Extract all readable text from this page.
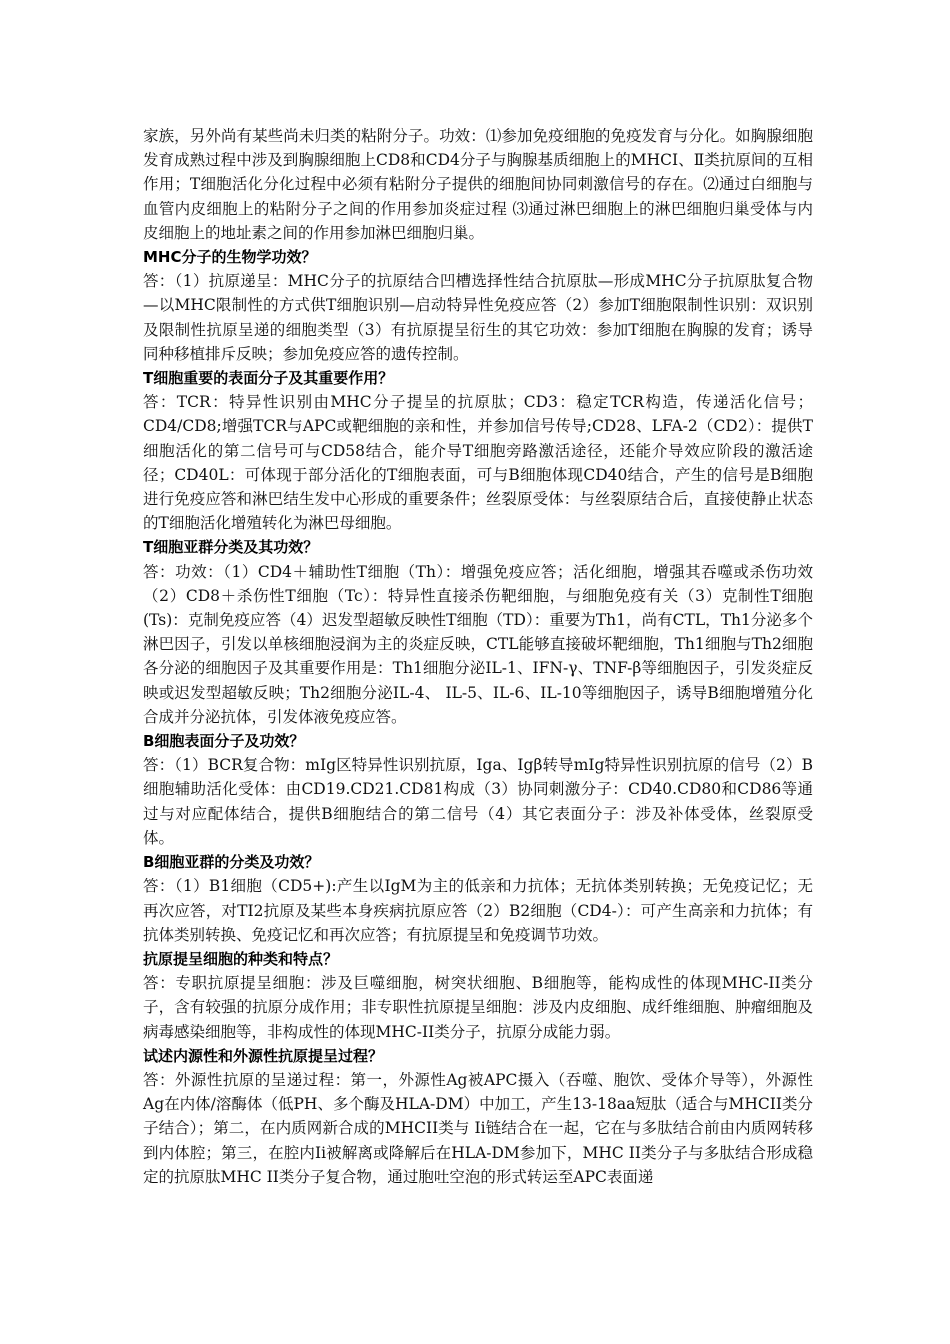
家族，另外尚有某些尚未归类的粘附分子。功效：⑴参加免疫细胞的免疫发育与分化。如胸腺细胞发育成熟过程中涉及到胸腺细胞上CD8和CD4分子与胸腺基质细胞上的MHCⅠ、Ⅱ类抗原间的互相作用；T细胞活化分化过程中必须有粘附分子提供的细胞间协同刺激信号的存在。⑵通过白细胞与血管内皮细胞上的粘附分子之间的作用参加炎症过程 ⑶通过淋巴细胞上的淋巴细胞归巢受体与内皮细胞上的地址素之间的作用参加淋巴细胞归巢。

MHC分子的生物学功效？

答：（1）抗原递呈：MHC分子的抗原结合凹槽选择性结合抗原肽—形成MHC分子抗原肽复合物—以MHC限制性的方式供T细胞识别—启动特异性免疫应答（2）参加T细胞限制性识别：双识别及限制性抗原呈递的细胞类型（3）有抗原提呈衍生的其它功效：参加T细胞在胸腺的发育；诱导同种移植排斥反映；参加免疫应答的遗传控制。

T细胞重要的表面分子及其重要作用？

答：TCR：特异性识别由MHC分子提呈的抗原肽；CD3：稳定TCR构造，传递活化信号；CD4/CD8;增强TCR与APC或靶细胞的亲和性，并参加信号传导;CD28、LFA-2（CD2）：提供T细胞活化的第二信号可与CD58结合，能介导T细胞旁路激活途径，还能介导效应阶段的激活途径；CD40L：可体现于部分活化的T细胞表面，可与B细胞体现CD40结合，产生的信号是B细胞进行免疫应答和淋巴结生发中心形成的重要条件；丝裂原受体：与丝裂原结合后，直接使静止状态的T细胞活化增殖转化为淋巴母细胞。

T细胞亚群分类及其功效？

答：功效：（1）CD4＋辅助性T细胞（Th）：增强免疫应答；活化细胞，增强其吞噬或杀伤功效（2）CD8＋杀伤性T细胞（Tc）：特异性直接杀伤靶细胞，与细胞免疫有关（3）克制性T细胞(Ts)：克制免疫应答（4）迟发型超敏反映性T细胞（TD）：重要为Th1，尚有CTL，Th1分泌多个淋巴因子，引发以单核细胞浸润为主的炎症反映，CTL能够直接破坏靶细胞，Th1细胞与Th2细胞各分泌的细胞因子及其重要作用是：Th1细胞分泌IL-1、IFN-γ、TNF-β等细胞因子，引发炎症反映或迟发型超敏反映；Th2细胞分泌IL-4、 IL-5、IL-6、IL-10等细胞因子，诱导B细胞增殖分化合成并分泌抗体，引发体液免疫应答。

B细胞表面分子及功效？

答：（1）BCR复合物：mIg区特异性识别抗原，Iga、Igβ转导mIg特异性识别抗原的信号（2）B细胞辅助活化受体：由CD19.CD21.CD81构成（3）协同刺激分子：CD40.CD80和CD86等通过与对应配体结合，提供B细胞结合的第二信号（4）其它表面分子：涉及补体受体，丝裂原受体。

B细胞亚群的分类及功效？

答：（1）B1细胞（CD5+):产生以IgM为主的低亲和力抗体；无抗体类别转换；无免疫记忆；无再次应答，对TI2抗原及某些本身疾病抗原应答（2）B2细胞（CD4-）：可产生高亲和力抗体；有抗体类别转换、免疫记忆和再次应答；有抗原提呈和免疫调节功效。

抗原提呈细胞的种类和特点？

答：专职抗原提呈细胞：涉及巨噬细胞，树突状细胞、B细胞等，能构成性的体现MHC-II类分子，含有较强的抗原分成作用；非专职性抗原提呈细胞：涉及内皮细胞、成纤维细胞、肿瘤细胞及病毒感染细胞等，非构成性的体现MHC-II类分子，抗原分成能力弱。

试述内源性和外源性抗原提呈过程？

答：外源性抗原的呈递过程：第一，外源性Ag被APC摄入（吞噬、胞饮、受体介导等），外源性Ag在内体/溶酶体（低PH、多个酶及HLA-DM）中加工，产生13-18aa短肽（适合与MHCII类分子结合）；第二，在内质网新合成的MHCII类与 Ii链结合在一起，它在与多肽结合前由内质网转移到内体腔；第三，在腔内Ii被解离或降解后在HLA-DM参加下，MHC II类分子与多肽结合形成稳定的抗原肽MHC II类分子复合物，通过胞吐空泡的形式转运至APC表面递
